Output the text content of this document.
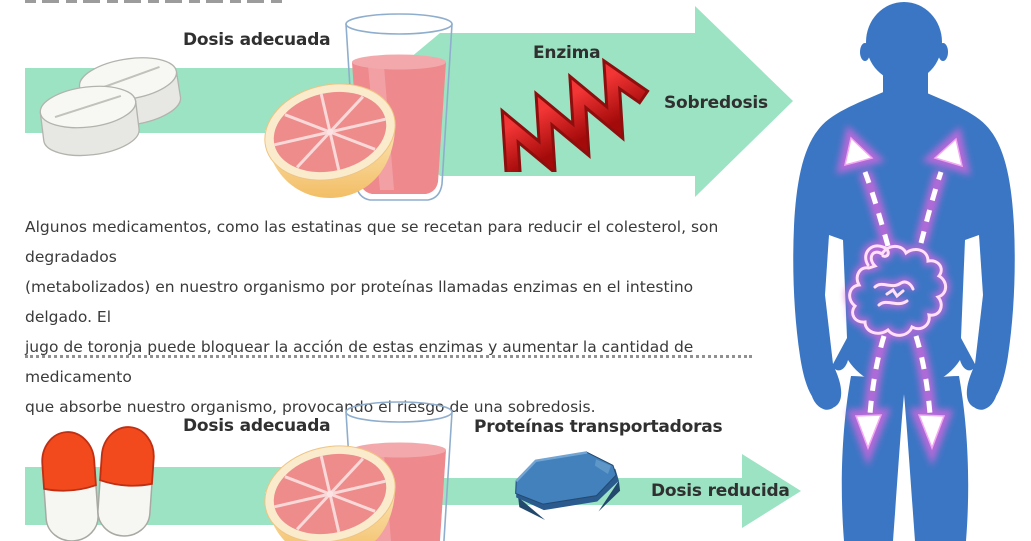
Dosis adecuada
Enzima
Sobredosis
Algunos medicamentos, como las estatinas que se recetan para reducir el colesterol, son degradados
(metabolizados) en nuestro organismo por proteínas llamadas enzimas en el intestino delgado. El
jugo de toronja puede bloquear la acción de estas enzimas y aumentar la cantidad de medicamento
que absorbe nuestro organismo, provocando el riesgo de una sobredosis.
Dosis adecuada	Proteínas transportadoras
Dosis reducida
